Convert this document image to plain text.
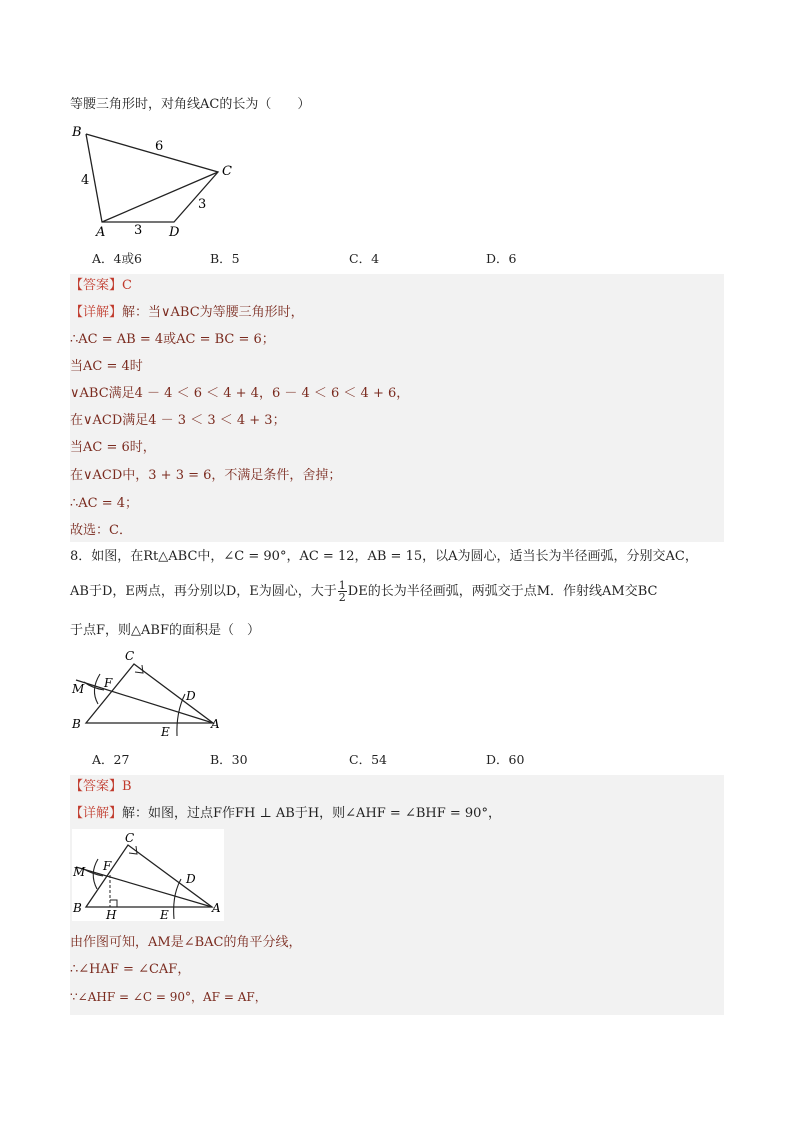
等腰三角形时，对角线AC的长为（　　）
B
C
A	D
6
4
3
3
A．4或6	B．5	C．4	D．6
【答案】C
【详解】解：当∨ABC为等腰三角形时，
∴AC = AB = 4或AC = BC = 6；
当AC = 4时
∨ABC满足4 － 4 ＜ 6 ＜ 4 + 4，6 － 4 ＜ 6 ＜ 4 + 6，
在∨ACD满足4 － 3 ＜ 3 ＜ 4 + 3；
当AC = 6时，
在∨ACD中，3 + 3 = 6，不满足条件，舍掉；
∴AC = 4；
故选：C．
8．如图，在Rt△ABC中，∠C = 90°，AC = 12，AB = 15，以A为圆心，适当长为半径画弧，分别交AC，
AB于D，E两点，再分别以D，E为圆心，大于 $\frac{1}{2}$ DE的长为半径画弧，两弧交于点M．作射线AM交BC
于点F，则△ABF的面积是（　）
C
M F
D
B
E
A
A．27	B．30	C．54	D．60
【答案】B
【详解】解：如图，过点F作FH ⊥ AB于H，则∠AHF = ∠BHF = 90°，
C
M F
D
B H	E	A
由作图可知，AM是∠BAC的角平分线，
∴∠HAF = ∠CAF，
∵∠AHF = ∠C = 90°，AF = AF，
